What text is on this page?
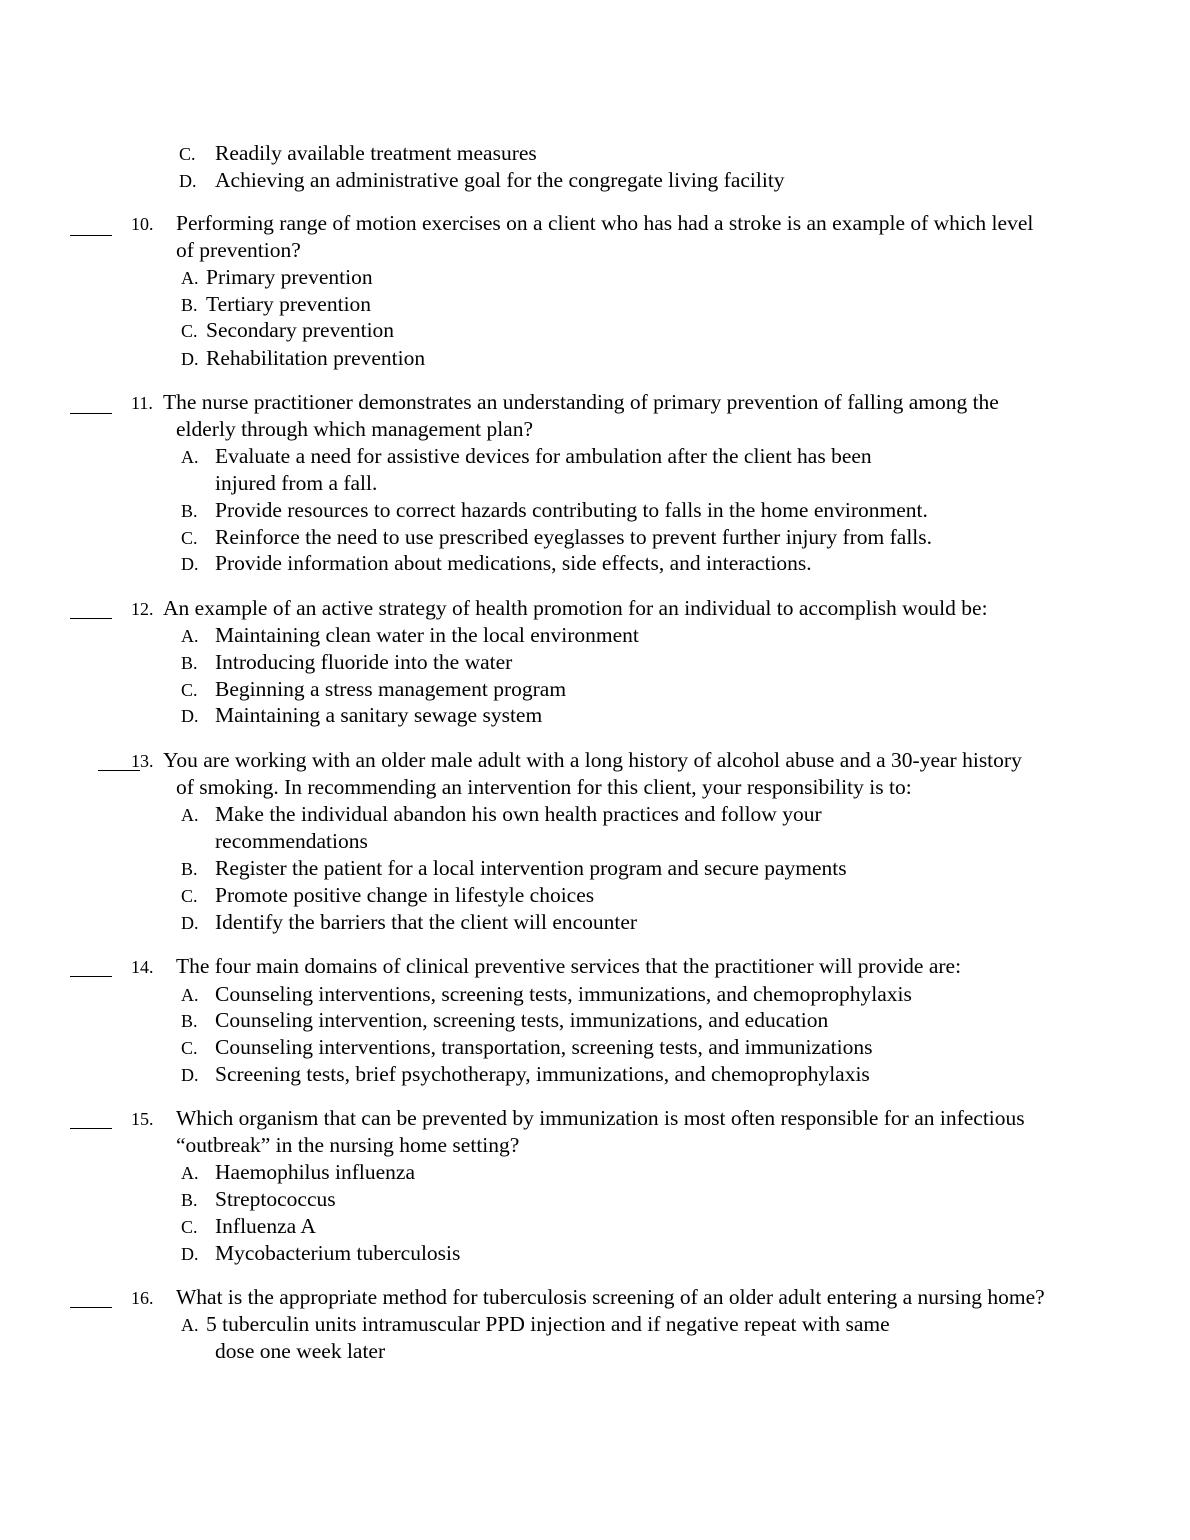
C. Readily available treatment measures
D. Achieving an administrative goal for the congregate living facility
10. Performing range of motion exercises on a client who has had a stroke is an example of which level
of prevention?
A. Primary prevention
B. Tertiary prevention
C. Secondary prevention
D. Rehabilitation prevention
11. The nurse practitioner demonstrates an understanding of primary prevention of falling among the
elderly through which management plan?
A. Evaluate a need for assistive devices for ambulation after the client has been
injured from a fall.
B. Provide resources to correct hazards contributing to falls in the home environment.
C. Reinforce the need to use prescribed eyeglasses to prevent further injury from falls.
D. Provide information about medications, side effects, and interactions.
12. An example of an active strategy of health promotion for an individual to accomplish would be:
A. Maintaining clean water in the local environment
B. Introducing fluoride into the water
C. Beginning a stress management program
D. Maintaining a sanitary sewage system
13. You are working with an older male adult with a long history of alcohol abuse and a 30-year history
of smoking. In recommending an intervention for this client, your responsibility is to:
A. Make the individual abandon his own health practices and follow your
recommendations
B. Register the patient for a local intervention program and secure payments
C. Promote positive change in lifestyle choices
D. Identify the barriers that the client will encounter
14. The four main domains of clinical preventive services that the practitioner will provide are:
A. Counseling interventions, screening tests, immunizations, and chemoprophylaxis
B. Counseling intervention, screening tests, immunizations, and education
C. Counseling interventions, transportation, screening tests, and immunizations
D. Screening tests, brief psychotherapy, immunizations, and chemoprophylaxis
15. Which organism that can be prevented by immunization is most often responsible for an infectious
“outbreak” in the nursing home setting?
A. Haemophilus influenza
B. Streptococcus
C. Influenza A
D. Mycobacterium tuberculosis
16. What is the appropriate method for tuberculosis screening of an older adult entering a nursing home?
A. 5 tuberculin units intramuscular PPD injection and if negative repeat with same
dose one week later
